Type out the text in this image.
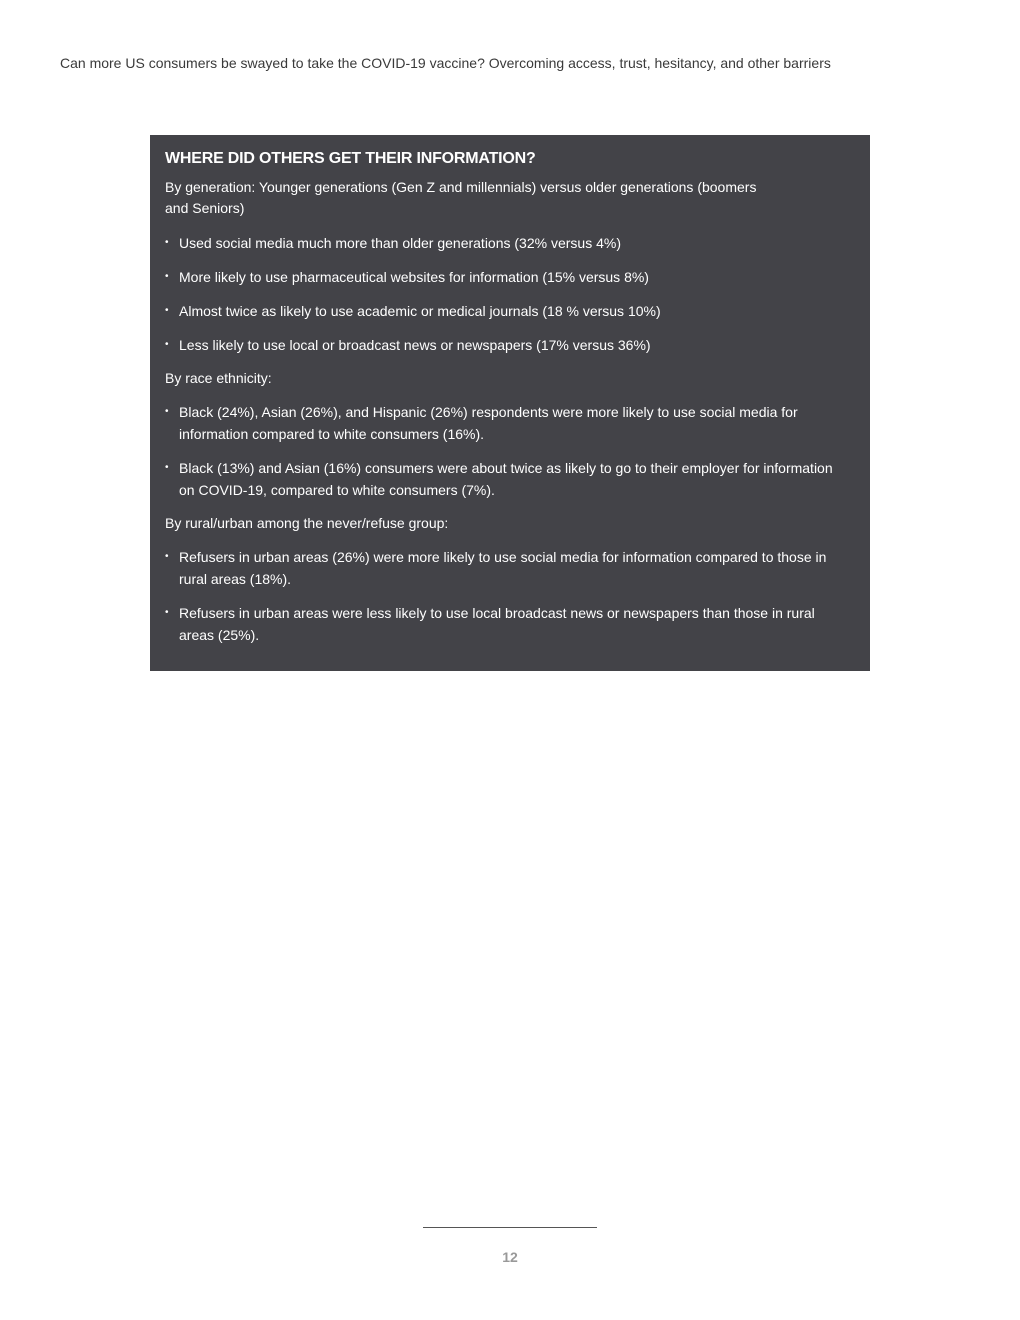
Can more US consumers be swayed to take the COVID-19 vaccine? Overcoming access, trust, hesitancy, and other barriers
WHERE DID OTHERS GET THEIR INFORMATION?
By generation: Younger generations (Gen Z and millennials) versus older generations (boomers and Seniors)
• Used social media much more than older generations (32% versus 4%)
• More likely to use pharmaceutical websites for information (15% versus 8%)
• Almost twice as likely to use academic or medical journals (18 % versus 10%)
• Less likely to use local or broadcast news or newspapers (17% versus 36%)
By race ethnicity:
• Black (24%), Asian (26%), and Hispanic (26%) respondents were more likely to use social media for information compared to white consumers (16%).
• Black (13%) and Asian (16%) consumers were about twice as likely to go to their employer for information on COVID-19, compared to white consumers (7%).
By rural/urban among the never/refuse group:
• Refusers in urban areas (26%) were more likely to use social media for information compared to those in rural areas (18%).
• Refusers in urban areas were less likely to use local broadcast news or newspapers than those in rural areas (25%).
12
